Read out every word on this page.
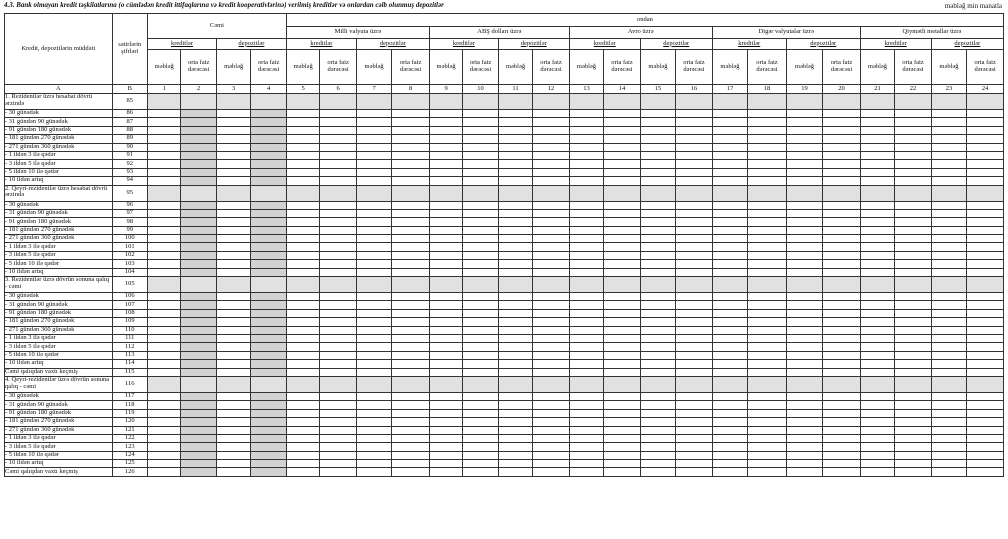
4.3. Bank olmayan kredit təşkilatlarına (o cümlədən kredit ittifaqlarına və kredit kooperativlərinə) verilmiş kreditlər və onlardan cəlb olunmuş depozitlər	məbləğ min manatla
Kredit, depozitlərin müddəti	sətirlərin şifrləri	Cəmi				ondan																			
						Milli valyuta üzrə				ABŞ dolları üzrə				Avro üzrə				Digər valyutalar üzrə				Qiymətli metallar üzrə			
		kreditlər		depozitlər		kreditlər		depozitlər		kreditlər		depozitlər		kreditlər		depozitlər		kreditlər		depozitlər		kreditlər		depozitlər	
		məbləğ	orta faiz dərəcəsi	məbləğ	orta faiz dərəcəsi	məbləğ	orta faiz dərəcəsi	məbləğ	orta faiz dərəcəsi	məbləğ	orta faiz dərəcəsi	məbləğ	orta faiz dərəcəsi	məbləğ	orta faiz dərəcəsi	məbləğ	orta faiz dərəcəsi	məbləğ	orta faiz dərəcəsi	məbləğ	orta faiz dərəcəsi	məbləğ	orta faiz dərəcəsi	məbləğ	orta faiz dərəcəsi
A	B	1	2	3	4	5	6	7	8	9	10	11	12	13	14	15	16	17	18	19	20	21	22	23	24
1. Rezidentlər üzrə hesabat dövrü ərzində	85																								
- 30 günədək	86																								
- 31 gündən 90 günədək	87																								
- 91 gündən 180 günədək	88																								
- 181 gündən 270 günədək	89																								
- 271 gündən 360 günədək	90																								
- 1 ildən 3 ilə qədər	91																								
- 3 ildən 5 ilə qədər	92																								
- 5 ildən 10 ilə qədər	93																								
- 10 ildən artıq	94																								
2. Qeyri-rezidentlər üzrə hesabat dövrü ərzində	95																								
- 30 günədək	96																								
- 31 gündən 90 günədək	97																								
- 91 gündən 180 günədək	98																								
- 181 gündən 270 günədək	99																								
- 271 gündən 360 günədək	100																								
- 1 ildən 3 ilə qədər	101																								
- 3 ildən 5 ilə qədər	102																								
- 5 ildən 10 ilə qədər	103																								
- 10 ildən artıq	104																								
3. Rezidentlər üzrə dövrün sonuna qalıq - cəmi	105																								
- 30 günədək	106																								
- 31 gündən 90 günədək	107																								
- 91 gündən 180 günədək	108																								
- 181 gündən 270 günədək	109																								
- 271 gündən 360 günədək	110																								
- 1 ildən 3 ilə qədər	111																								
- 3 ildən 5 ilə qədər	112																								
- 5 ildən 10 ilə qədər	113																								
- 10 ildən artıq	114																								
Cəmi qalıqdan vaxtı keçmiş	115																								
4. Qeyri-rezidentlər üzrə dövrün sonuna qalıq - cəmi	116																								
- 30 günədək	117																								
- 31 gündən 90 günədək	118																								
- 91 gündən 180 günədək	119																								
- 181 gündən 270 günədək	120																								
- 271 gündən 360 günədək	121																								
- 1 ildən 3 ilə qədər	122																								
- 3 ildən 5 ilə qədər	123																								
- 5 ildən 10 ilə qədər	124																								
- 10 ildən artıq	125																								
Cəmi qalıqdan vaxtı keçmiş	126																								
